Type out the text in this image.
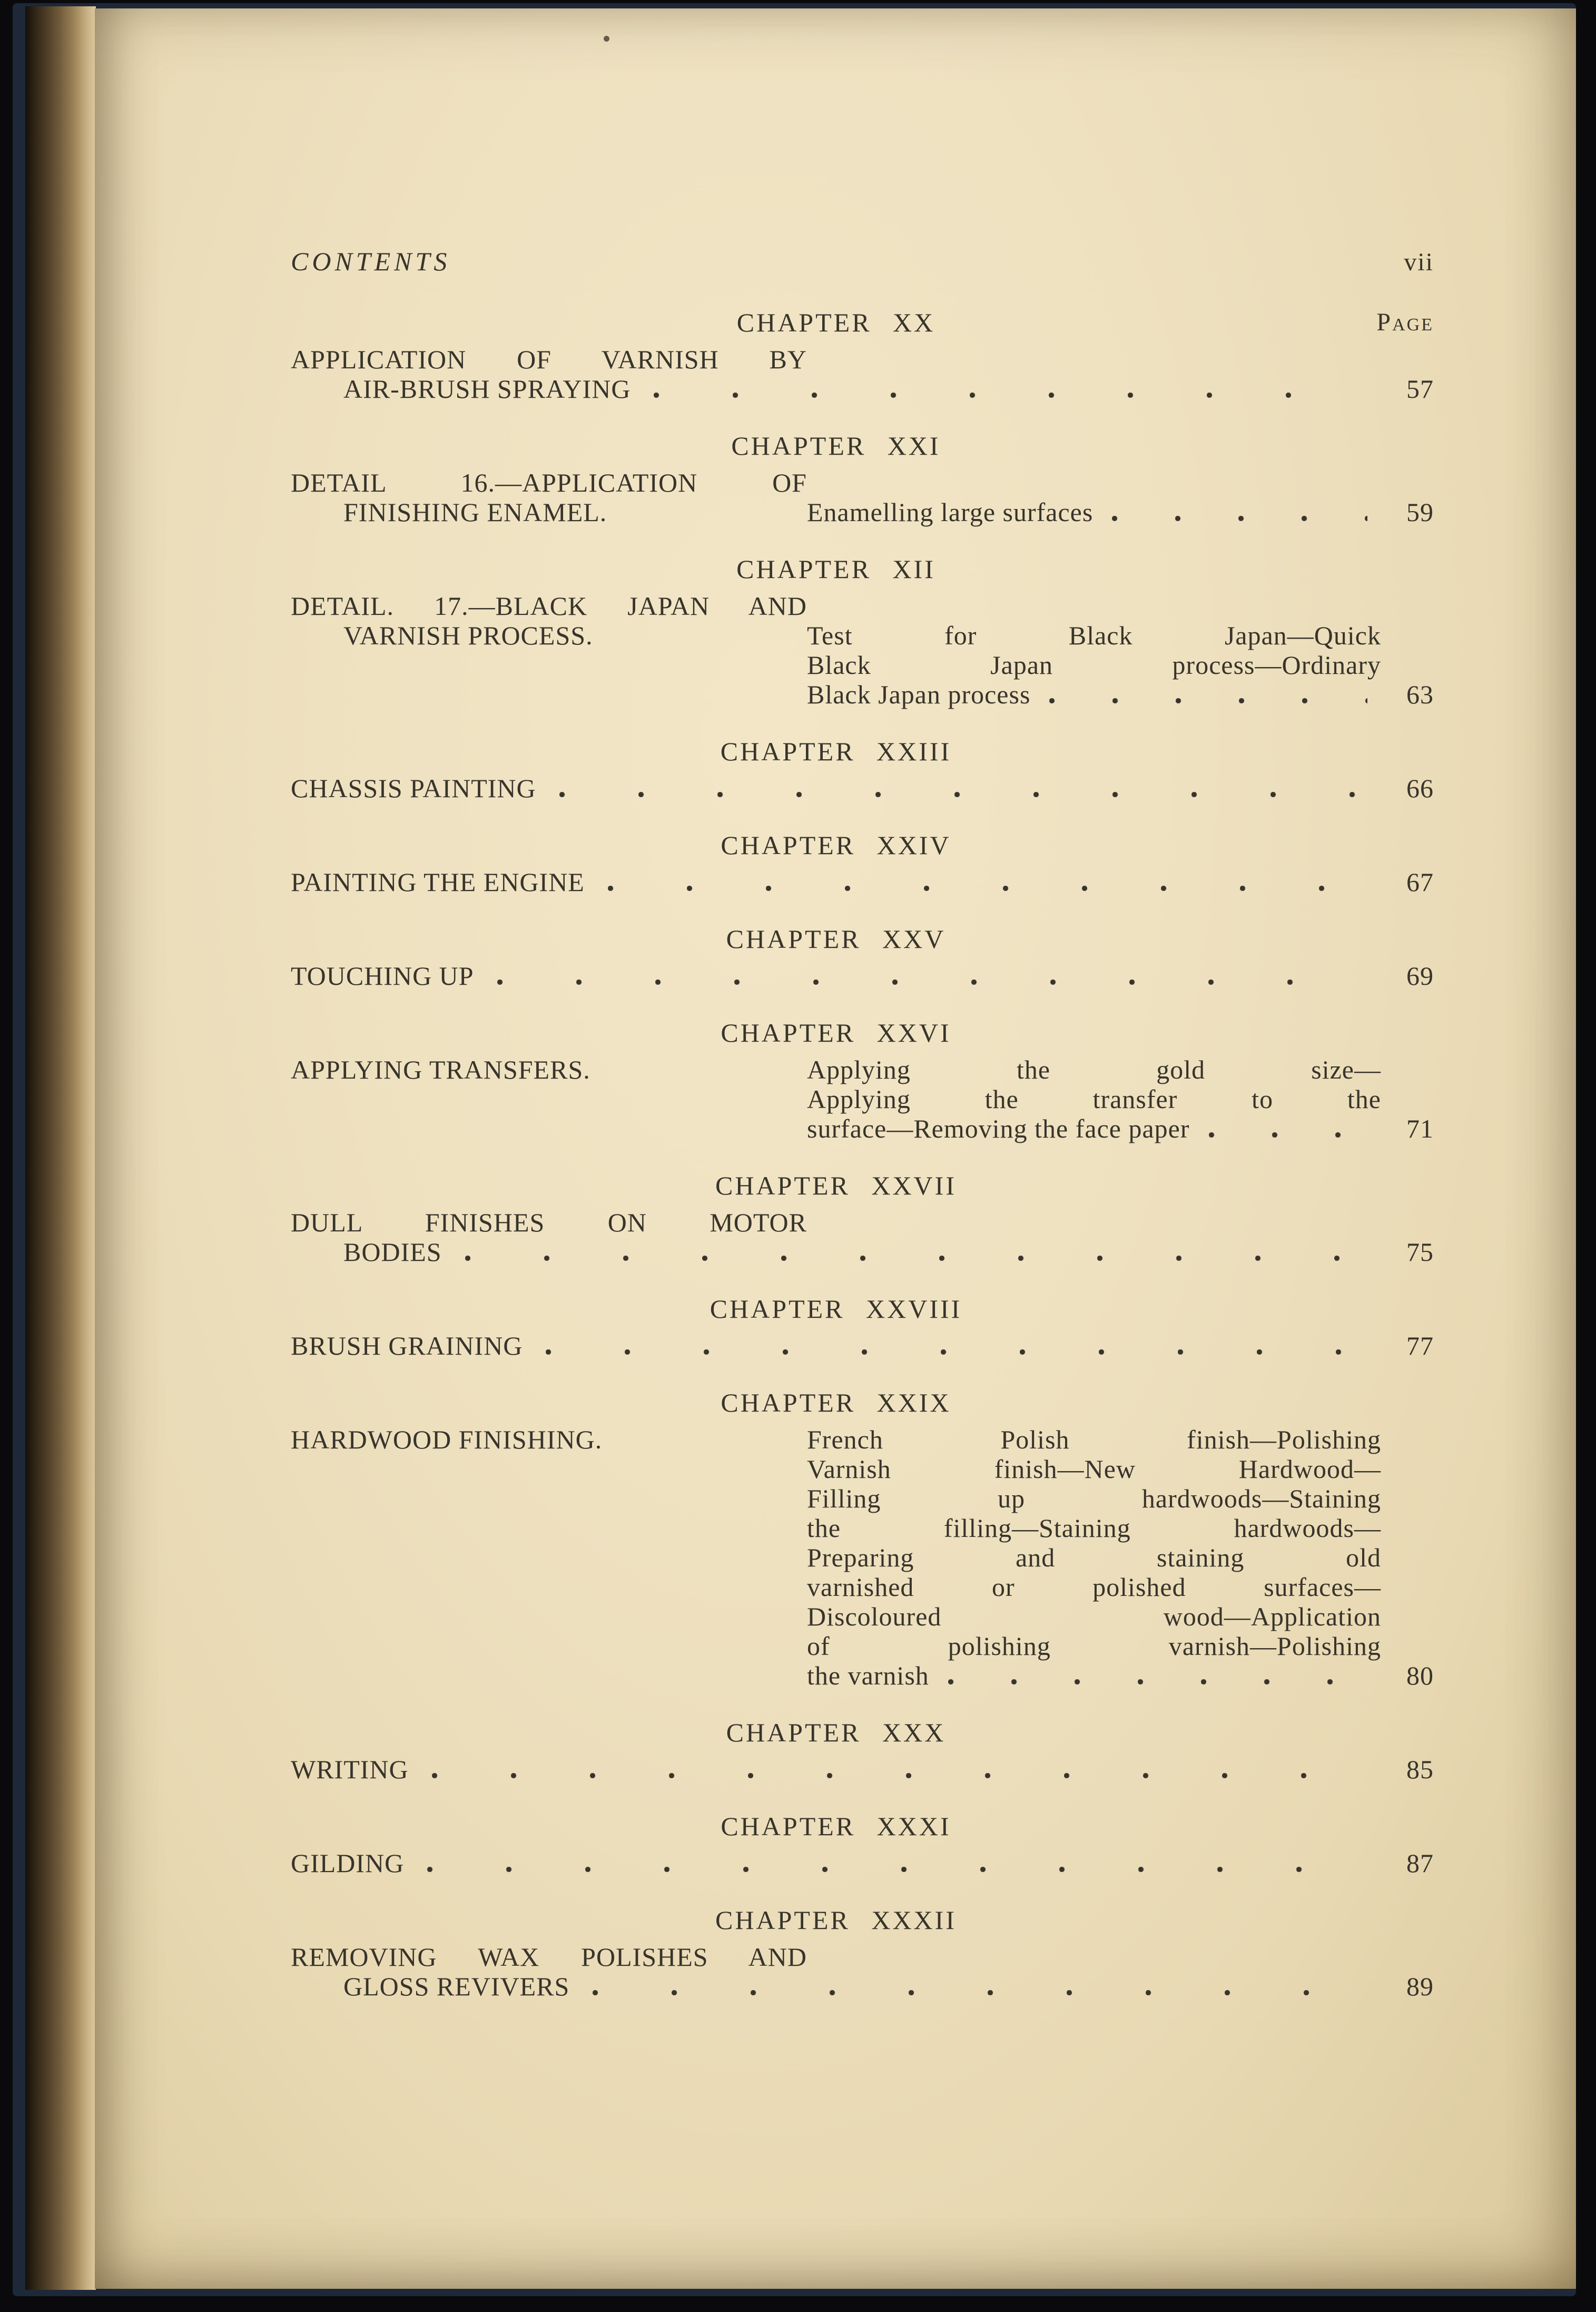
CONTENTS	vii
Page
CHAPTER XX
APPLICATION OF VARNISH BY
AIR-BRUSH SPRAYING	57
CHAPTER XXI
DETAIL 16.—APPLICATION OF
FINISHING ENAMEL.	Enamelling large surfaces	59
CHAPTER XII
DETAIL. 17.—BLACK JAPAN AND
VARNISH PROCESS.	Test for Black Japan—Quick
Black Japan process—Ordinary
Black Japan process	63
CHAPTER XXIII
CHASSIS PAINTING	66
CHAPTER XXIV
PAINTING THE ENGINE	67
CHAPTER XXV
TOUCHING UP	69
CHAPTER XXVI
APPLYING TRANSFERS.	Applying the gold size—
Applying the transfer to the
surface—Removing the face paper	71
CHAPTER XXVII
DULL FINISHES ON MOTOR
BODIES	75
CHAPTER XXVIII
BRUSH GRAINING	77
CHAPTER XXIX
HARDWOOD FINISHING.	French Polish finish—Polishing
Varnish finish—New Hardwood—
Filling up hardwoods—Staining
the filling—Staining hardwoods—
Preparing and staining old
varnished or polished surfaces—
Discoloured wood—Application
of polishing varnish—Polishing
the varnish	80
CHAPTER XXX
WRITING	85
CHAPTER XXXI
GILDING	87
CHAPTER XXXII
REMOVING WAX POLISHES AND
GLOSS REVIVERS	89
